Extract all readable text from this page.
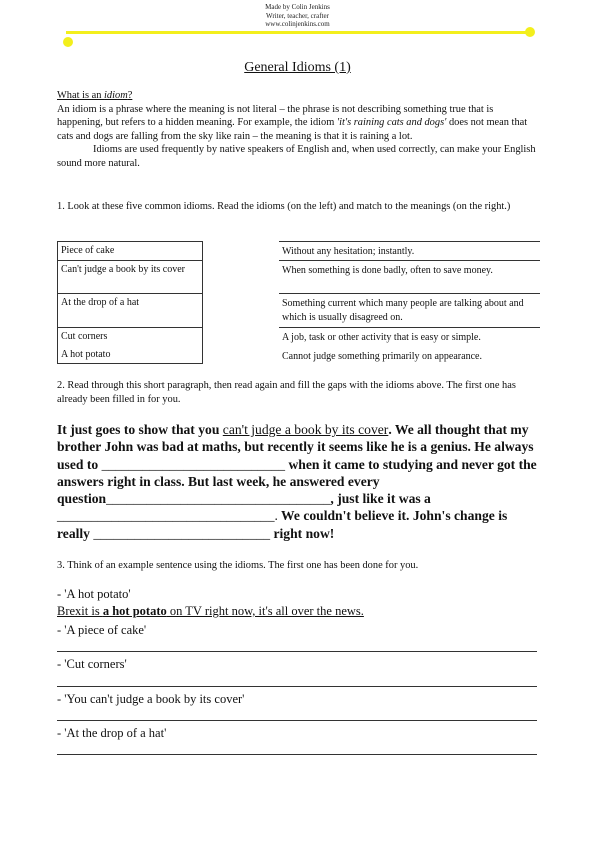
Made by Colin Jenkins
Writer, teacher, crafter
www.colinjenkins.com
General Idioms (1)
What is an idiom?
An idiom is a phrase where the meaning is not literal – the phrase is not describing something true that is happening, but refers to a hidden meaning. For example, the idiom 'it's raining cats and dogs' does not mean that cats and dogs are falling from the sky like rain – the meaning is that it is raining a lot.
Idioms are used frequently by native speakers of English and, when used correctly, can make your English sound more natural.
1. Look at these five common idioms. Read the idioms (on the left) and match to the meanings (on the right.)
Piece of cake
Can't judge a book by its cover
At the drop of a hat
Cut corners
A hot potato
Without any hesitation; instantly.
When something is done badly, often to save money.
Something current which many people are talking about and which is usually disagreed on.
A job, task or other activity that is easy or simple.
Cannot judge something primarily on appearance.
2. Read through this short paragraph, then read again and fill the gaps with the idioms above. The first one has already been filled in for you.
It just goes to show that you can't judge a book by its cover. We all thought that my brother John was bad at maths, but recently it seems like he is a genius. He always used to ___________________________ when it came to studying and never got the answers right in class. But last week, he answered every question_________________________________, just like it was a ________________________________. We couldn't believe it. John's change is really __________________________ right now!
3. Think of an example sentence using the idioms. The first one has been done for you.
- 'A hot potato'
Brexit is a hot potato on TV right now, it's all over the news.
- 'A piece of cake'
- 'Cut corners'
- 'You can't judge a book by its cover'
- 'At the drop of a hat'
